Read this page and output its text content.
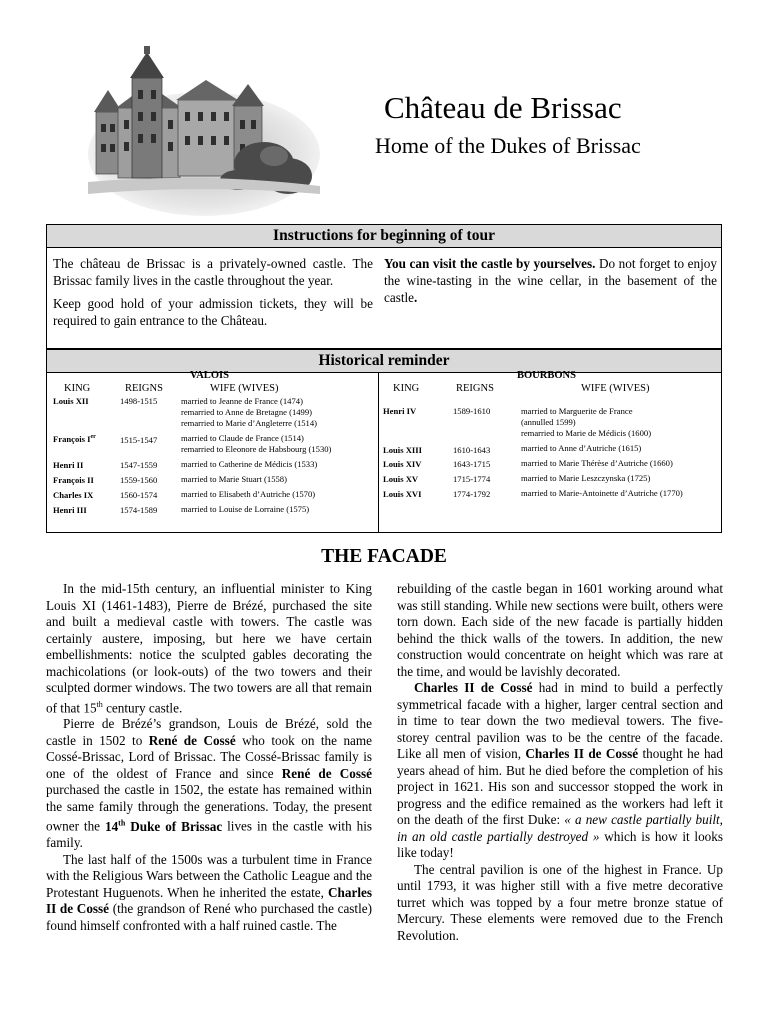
Château de Brissac
Home of the Dukes of Brissac
Instructions for beginning of tour

The château de Brissac is a privately-owned castle. The Brissac family lives in the castle throughout the year.

Keep good hold of your admission tickets, they will be required to gain entrance to the Château.

You can visit the castle by yourselves. Do not forget to enjoy the wine-tasting in the wine cellar, in the basement of the castle.
Historical reminder
VALOIS
KING	REIGNS	WIFE (WIVES)
Louis XII	1498-1515	married to Jeanne de France (1474)
remarried to Anne de Bretagne (1499)
remarried to Marie d’Angleterre (1514)
François Ier	1515-1547	married to Claude de France (1514)
remarried to Eleonore de Habsbourg (1530)
Henri II	1547-1559	married to Catherine de Médicis (1533)
François II	1559-1560	married to Marie Stuart (1558)
Charles IX	1560-1574	married to Elisabeth d’Autriche (1570)
Henri III	1574-1589	married to Louise de Lorraine (1575)
BOURBONS
KING	REIGNS	WIFE (WIVES)
Henri IV	1589-1610	married to Marguerite de France
(annulled 1599)
remarried to Marie de Médicis (1600)
Louis XIII	1610-1643	married to Anne d’Autriche (1615)
Louis XIV	1643-1715	married to Marie Thérèse d’Autriche (1660)
Louis XV	1715-1774	married to Marie Leszczynska (1725)
Louis XVI	1774-1792	married to Marie-Antoinette d’Autriche (1770)
THE FACADE

In the mid-15th century, an influential minister to King Louis XI (1461-1483), Pierre de Brézé, purchased the site and built a medieval castle with towers. The castle was certainly austere, imposing, but here we have certain embellishments: notice the sculpted gables decorating the machicolations (or look-outs) of the two towers and their sculpted dormer windows. The two towers are all that remain of that 15th century castle.

Pierre de Brézé’s grandson, Louis de Brézé, sold the castle in 1502 to René de Cossé who took on the name Cossé-Brissac, Lord of Brissac. The Cossé-Brissac family is one of the oldest of France and since René de Cossé purchased the castle in 1502, the estate has remained within the same family through the generations. Today, the present owner the 14th Duke of Brissac lives in the castle with his family.

The last half of the 1500s was a turbulent time in France with the Religious Wars between the Catholic League and the Protestant Huguenots. When he inherited the estate, Charles II de Cossé (the grandson of René who purchased the castle) found himself confronted with a half ruined castle. The

rebuilding of the castle began in 1601 working around what was still standing. While new sections were built, others were torn down. Each side of the new facade is partially hidden behind the thick walls of the towers. In addition, the new construction would concentrate on height which was rare at the time, and would be lavishly decorated.

Charles II de Cossé had in mind to build a perfectly symmetrical facade with a higher, larger central section and in time to tear down the two medieval towers. The five-storey central pavilion was to be the centre of the facade. Like all men of vision, Charles II de Cossé thought he had years ahead of him. But he died before the completion of his project in 1621. His son and successor stopped the work in progress and the edifice remained as the workers had left it on the death of the first Duke: « a new castle partially built, in an old castle partially destroyed » which is how it looks like today!

The central pavilion is one of the highest in France. Up until 1793, it was higher still with a five metre decorative turret which was topped by a four metre bronze statue of Mercury. These elements were removed due to the French Revolution.
